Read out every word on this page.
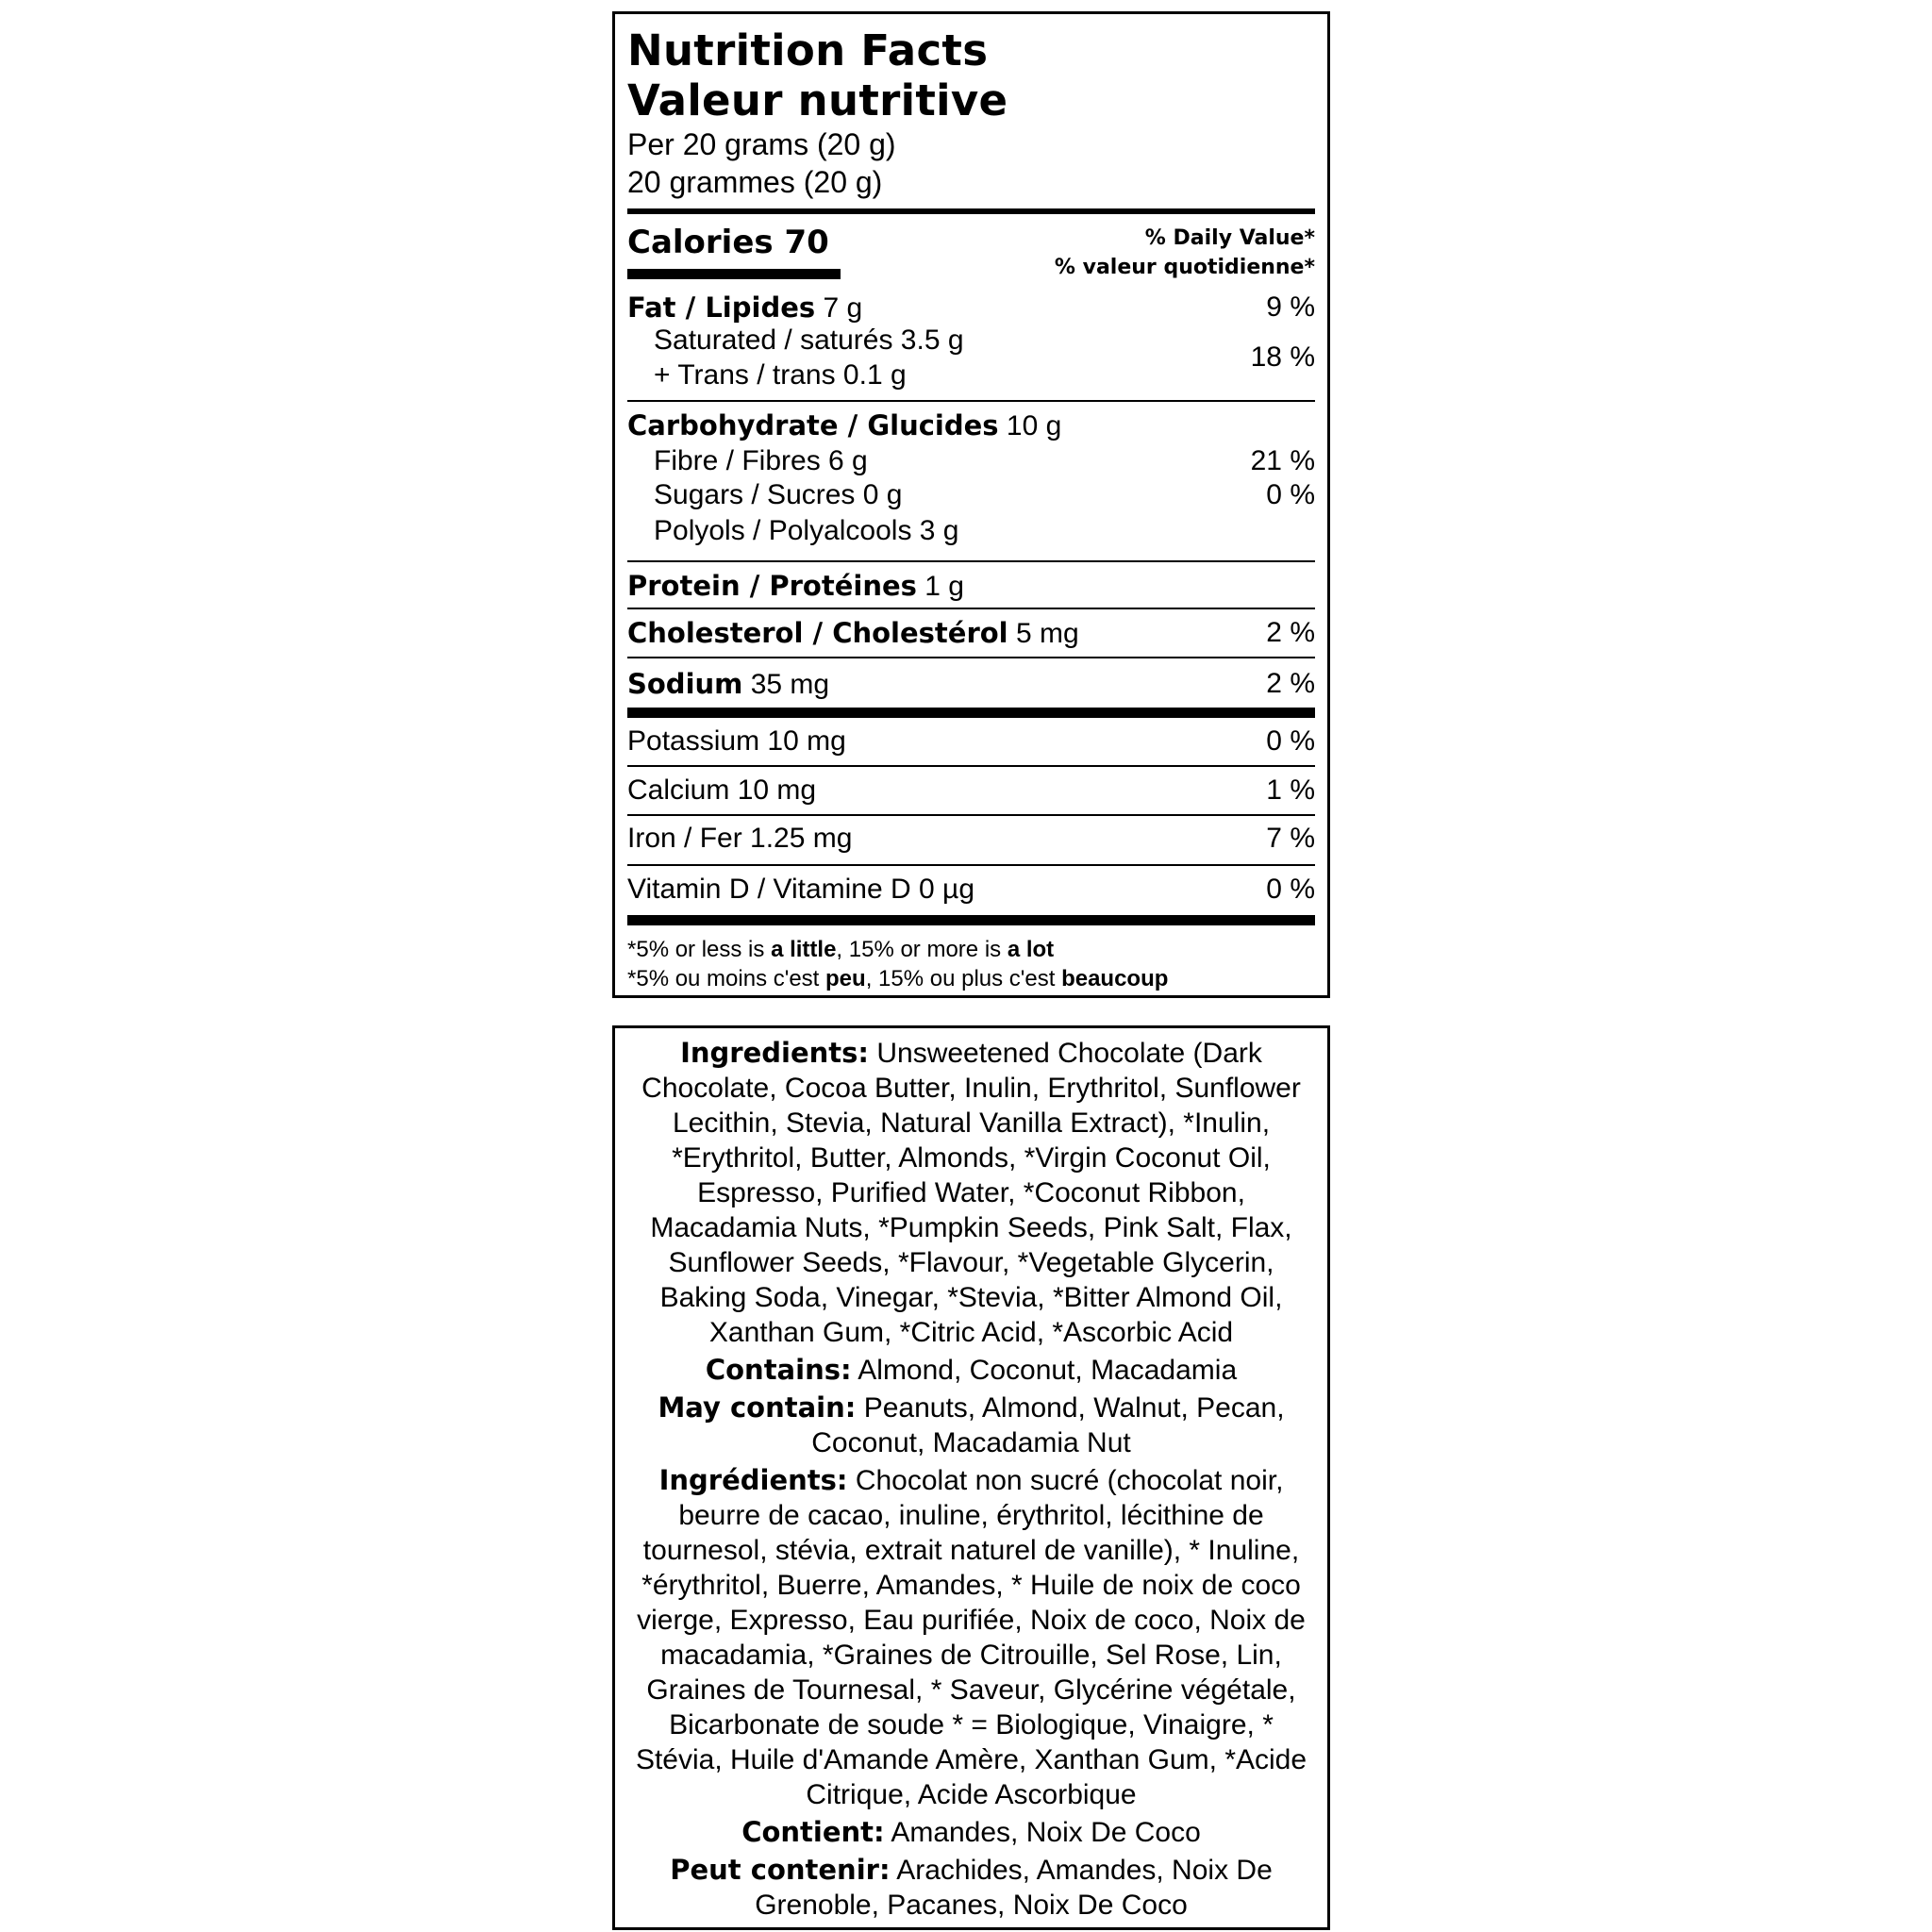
Nutrition Facts
Valeur nutritive
Per 20 grams (20 g)
20 grammes (20 g)
Calories 70	% Daily Value*
% valeur quotidienne*
Fat / Lipides 7 g	9 %
Saturated / saturés 3.5 g
+ Trans / trans 0.1 g
18 %
Carbohydrate / Glucides 10 g
Fibre / Fibres 6 g	21 %
Sugars / Sucres 0 g	0 %
Polyols / Polyalcools 3 g
Protein / Protéines 1 g
Cholesterol / Cholestérol 5 mg	2 %
Sodium 35 mg	2 %
Potassium 10 mg	0 %
Calcium 10 mg	1 %
Iron / Fer 1.25 mg	7 %
Vitamin D / Vitamine D 0 µg	0 %
*5% or less is a little, 15% or more is a lot
*5% ou moins c'est peu, 15% ou plus c'est beaucoup

Ingredients: Unsweetened Chocolate (Dark Chocolate, Cocoa Butter, Inulin, Erythritol, Sunflower Lecithin, Stevia, Natural Vanilla Extract), *Inulin, *Erythritol, Butter, Almonds, *Virgin Coconut Oil, Espresso, Purified Water, *Coconut Ribbon, Macadamia Nuts, *Pumpkin Seeds, Pink Salt, Flax, Sunflower Seeds, *Flavour, *Vegetable Glycerin, Baking Soda, Vinegar, *Stevia, *Bitter Almond Oil, Xanthan Gum, *Citric Acid, *Ascorbic Acid

Contains: Almond, Coconut, Macadamia

May contain: Peanuts, Almond, Walnut, Pecan, Coconut, Macadamia Nut

Ingrédients: Chocolat non sucré (chocolat noir, beurre de cacao, inuline, érythritol, lécithine de tournesol, stévia, extrait naturel de vanille), * Inuline, *érythritol, Buerre, Amandes, * Huile de noix de coco vierge, Expresso, Eau purifiée, Noix de coco, Noix de macadamia, *Graines de Citrouille, Sel Rose, Lin, Graines de Tournesal, * Saveur, Glycérine végétale, Bicarbonate de soude * = Biologique, Vinaigre, * Stévia, Huile d'Amande Amère, Xanthan Gum, *Acide Citrique, Acide Ascorbique

Contient: Amandes, Noix De Coco

Peut contenir: Arachides, Amandes, Noix De Grenoble, Pacanes, Noix De Coco
